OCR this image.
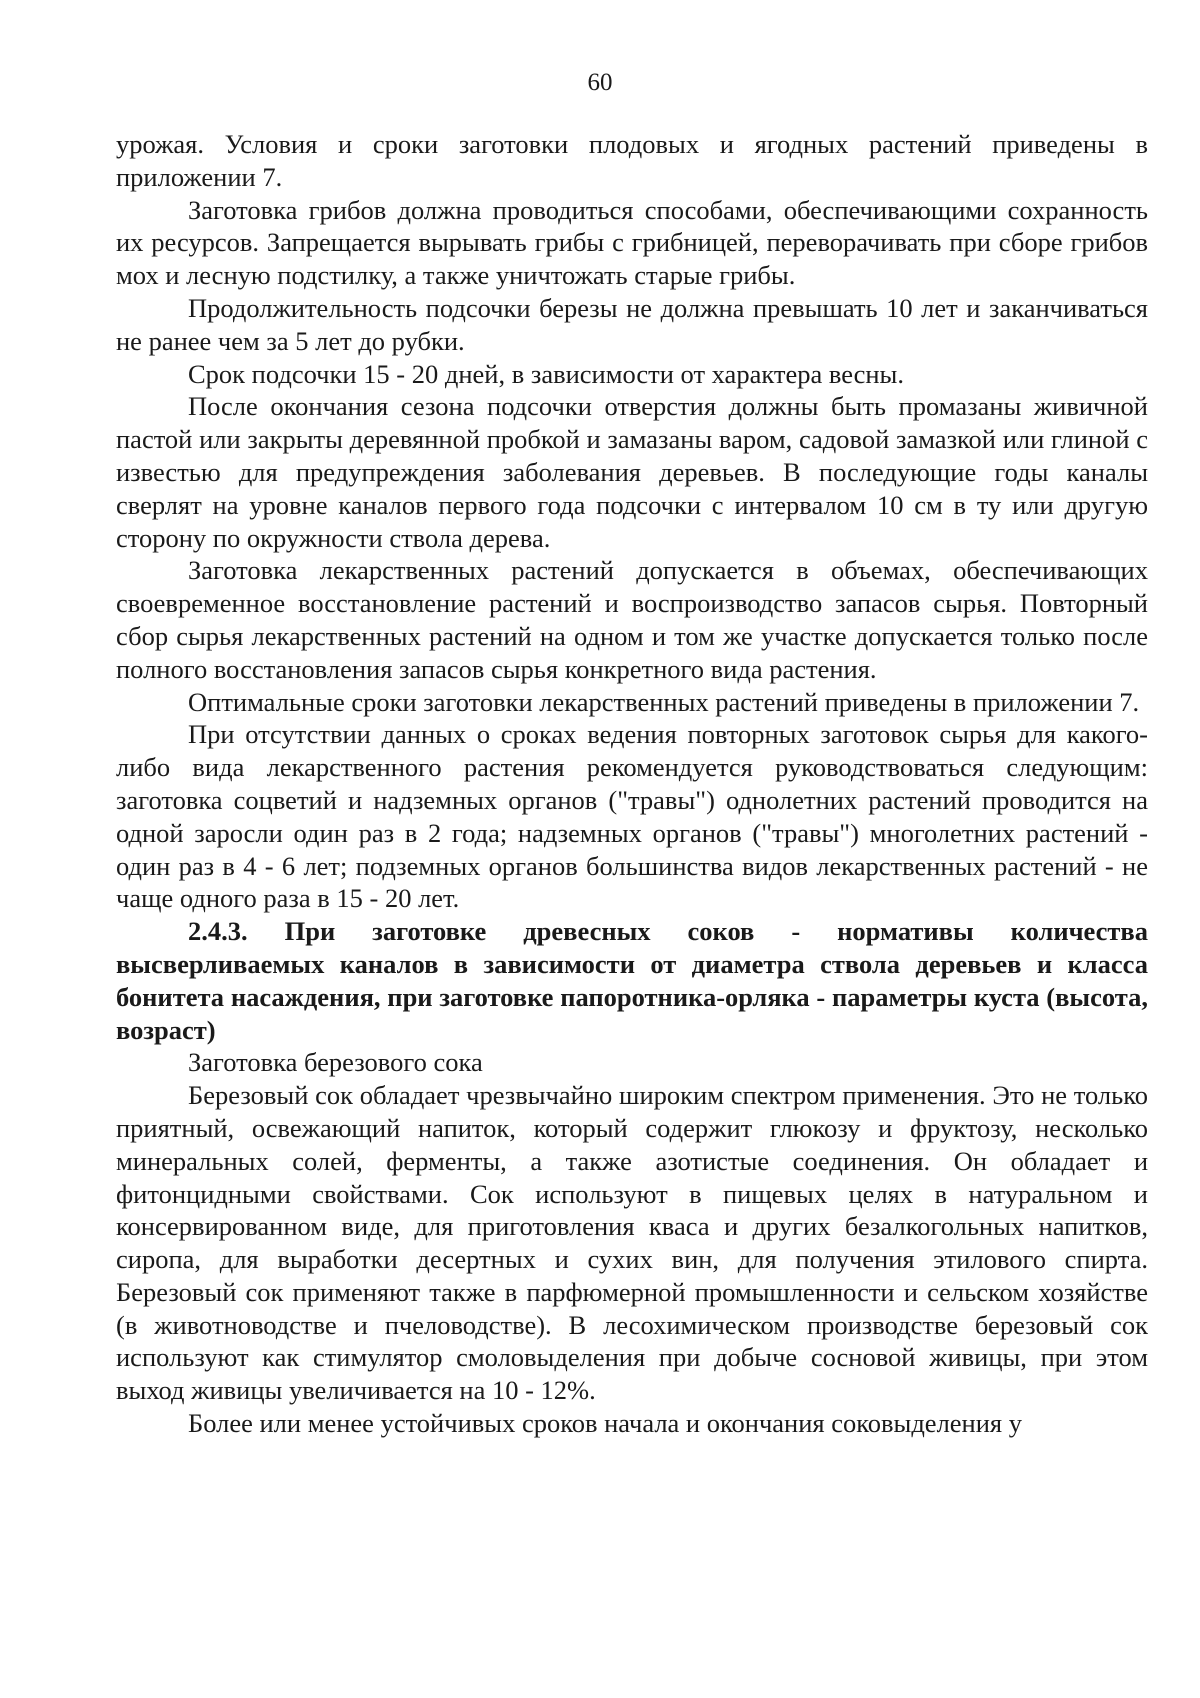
60

урожая. Условия и сроки заготовки плодовых и ягодных растений приведены в приложении 7.

Заготовка грибов должна проводиться способами, обеспечивающими сохранность их ресурсов. Запрещается вырывать грибы с грибницей, переворачивать при сборе грибов мох и лесную подстилку, а также уничтожать старые грибы.

Продолжительность подсочки березы не должна превышать 10 лет и заканчиваться не ранее чем за 5 лет до рубки.

Срок подсочки 15 - 20 дней, в зависимости от характера весны.

После окончания сезона подсочки отверстия должны быть промазаны живичной пастой или закрыты деревянной пробкой и замазаны варом, садовой замазкой или глиной с известью для предупреждения заболевания деревьев. В последующие годы каналы сверлят на уровне каналов первого года подсочки с интервалом 10 см в ту или другую сторону по окружности ствола дерева.

Заготовка лекарственных растений допускается в объемах, обеспечивающих своевременное восстановление растений и воспроизводство запасов сырья. Повторный сбор сырья лекарственных растений на одном и том же участке допускается только после полного восстановления запасов сырья конкретного вида растения.

Оптимальные сроки заготовки лекарственных растений приведены в приложении 7.

При отсутствии данных о сроках ведения повторных заготовок сырья для какого-либо вида лекарственного растения рекомендуется руководствоваться следующим: заготовка соцветий и надземных органов ("травы") однолетних растений проводится на одной заросли один раз в 2 года; надземных органов ("травы") многолетних растений - один раз в 4 - 6 лет; подземных органов большинства видов лекарственных растений - не чаще одного раза в 15 - 20 лет.

2.4.3. При заготовке древесных соков - нормативы количества высверливаемых каналов в зависимости от диаметра ствола деревьев и класса бонитета насаждения, при заготовке папоротника-орляка - параметры куста (высота, возраст)

Заготовка березового сока

Березовый сок обладает чрезвычайно широким спектром применения. Это не только приятный, освежающий напиток, который содержит глюкозу и фруктозу, несколько минеральных солей, ферменты, а также азотистые соединения. Он обладает и фитонцидными свойствами. Сок используют в пищевых целях в натуральном и консервированном виде, для приготовления кваса и других безалкогольных напитков, сиропа, для выработки десертных и сухих вин, для получения этилового спирта. Березовый сок применяют также в парфюмерной промышленности и сельском хозяйстве (в животноводстве и пчеловодстве). В лесохимическом производстве березовый сок используют как стимулятор смоловыделения при добыче сосновой живицы, при этом выход живицы увеличивается на 10 - 12%.

Более или менее устойчивых сроков начала и окончания соковыделения у
